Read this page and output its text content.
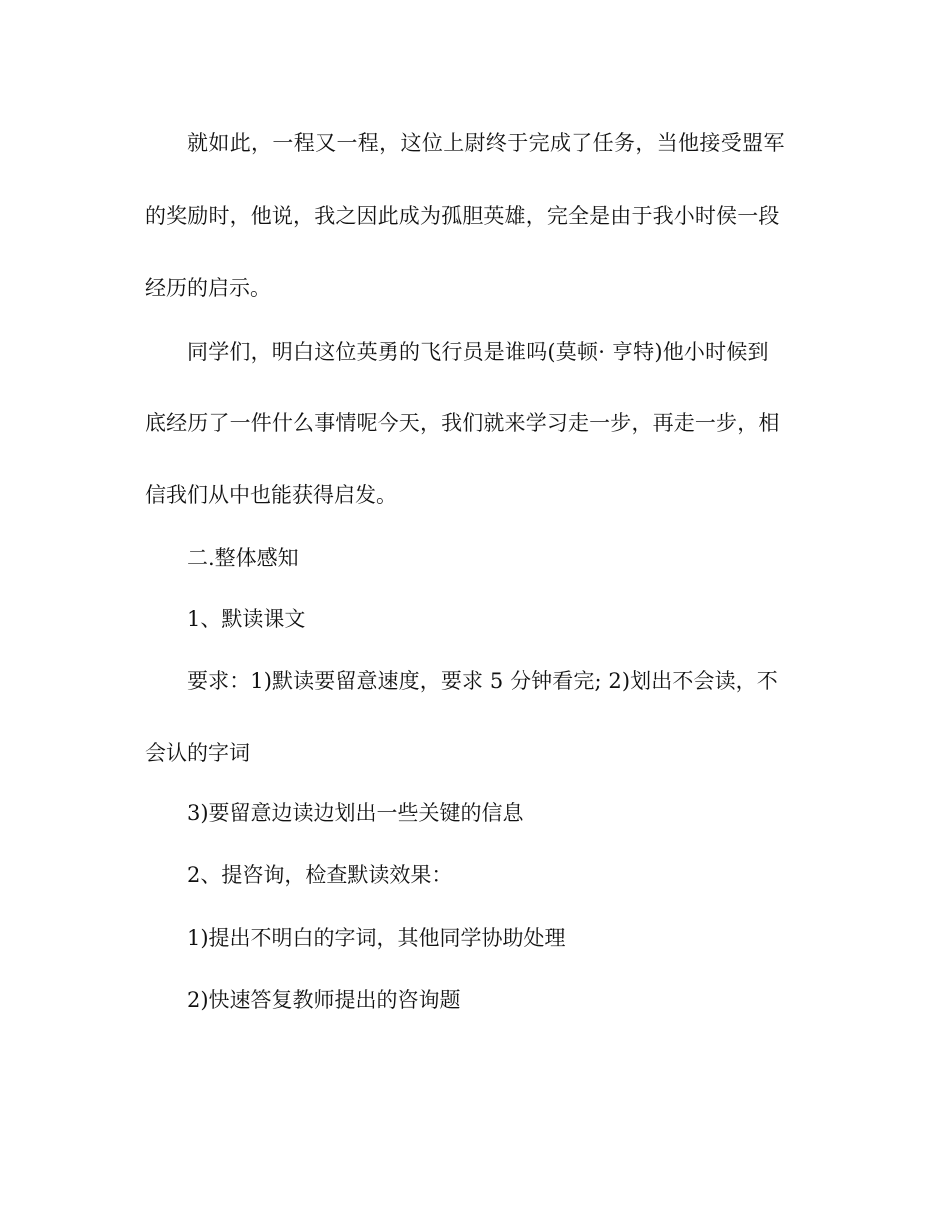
就如此，一程又一程，这位上尉终于完成了任务，当他接受盟军

的奖励时，他说，我之因此成为孤胆英雄，完全是由于我小时侯一段

经历的启示。

同学们，明白这位英勇的飞行员是谁吗(莫顿· 亨特)他小时候到

底经历了一件什么事情呢今天，我们就来学习走一步，再走一步，相

信我们从中也能获得启发。

二.整体感知

1、默读课文

要求：1)默读要留意速度，要求 5 分钟看完; 2)划出不会读，不

会认的字词

3)要留意边读边划出一些关键的信息

2、提咨询，检查默读效果：

1)提出不明白的字词，其他同学协助处理

2)快速答复教师提出的咨询题
